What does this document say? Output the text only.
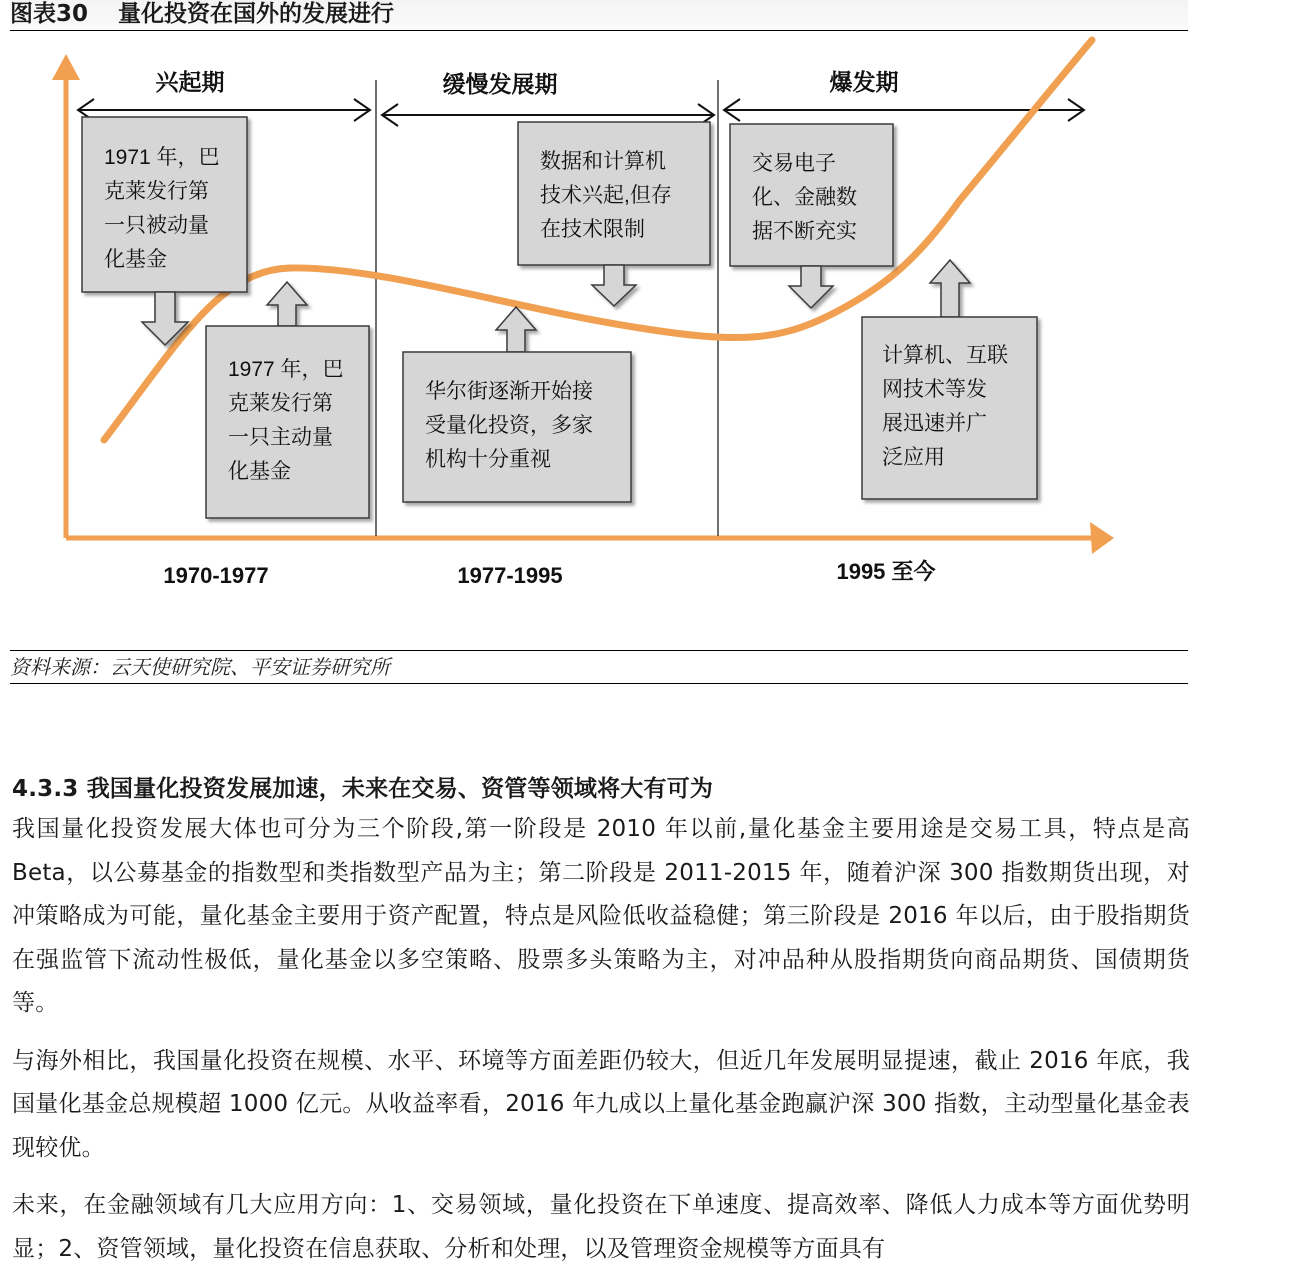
图表30 量化投资在国外的发展进行
兴起期	缓慢发展期	爆发期
1970-1977	1977-1995	1995 至今
1971 年，巴
克莱发行第
一只被动量
化基金
1977 年，巴
克莱发行第
一只主动量
化基金
数据和计算机
技术兴起,但存
在技术限制
华尔街逐渐开始接
受量化投资，多家
机构十分重视
交易电子
化、金融数
据不断充实
计算机、互联
网技术等发
展迅速并广
泛应用
资料来源：云天使研究院、平安证券研究所
4.3.3 我国量化投资发展加速，未来在交易、资管等领域将大有可为

我国量化投资发展大体也可分为三个阶段,第一阶段是 2010 年以前,量化基金主要用途是交易工具，特点是高 Beta，以公募基金的指数型和类指数型产品为主；第二阶段是 2011-2015 年，随着沪深 300 指数期货出现，对冲策略成为可能，量化基金主要用于资产配置，特点是风险低收益稳健；第三阶段是 2016 年以后，由于股指期货在强监管下流动性极低，量化基金以多空策略、股票多头策略为主，对冲品种从股指期货向商品期货、国债期货等。

与海外相比，我国量化投资在规模、水平、环境等方面差距仍较大，但近几年发展明显提速，截止 2016 年底，我国量化基金总规模超 1000 亿元。从收益率看，2016 年九成以上量化基金跑赢沪深 300 指数，主动型量化基金表现较优。

未来，在金融领域有几大应用方向：1、交易领域，量化投资在下单速度、提高效率、降低人力成本等方面优势明显；2、资管领域，量化投资在信息获取、分析和处理，以及管理资金规模等方面具有
